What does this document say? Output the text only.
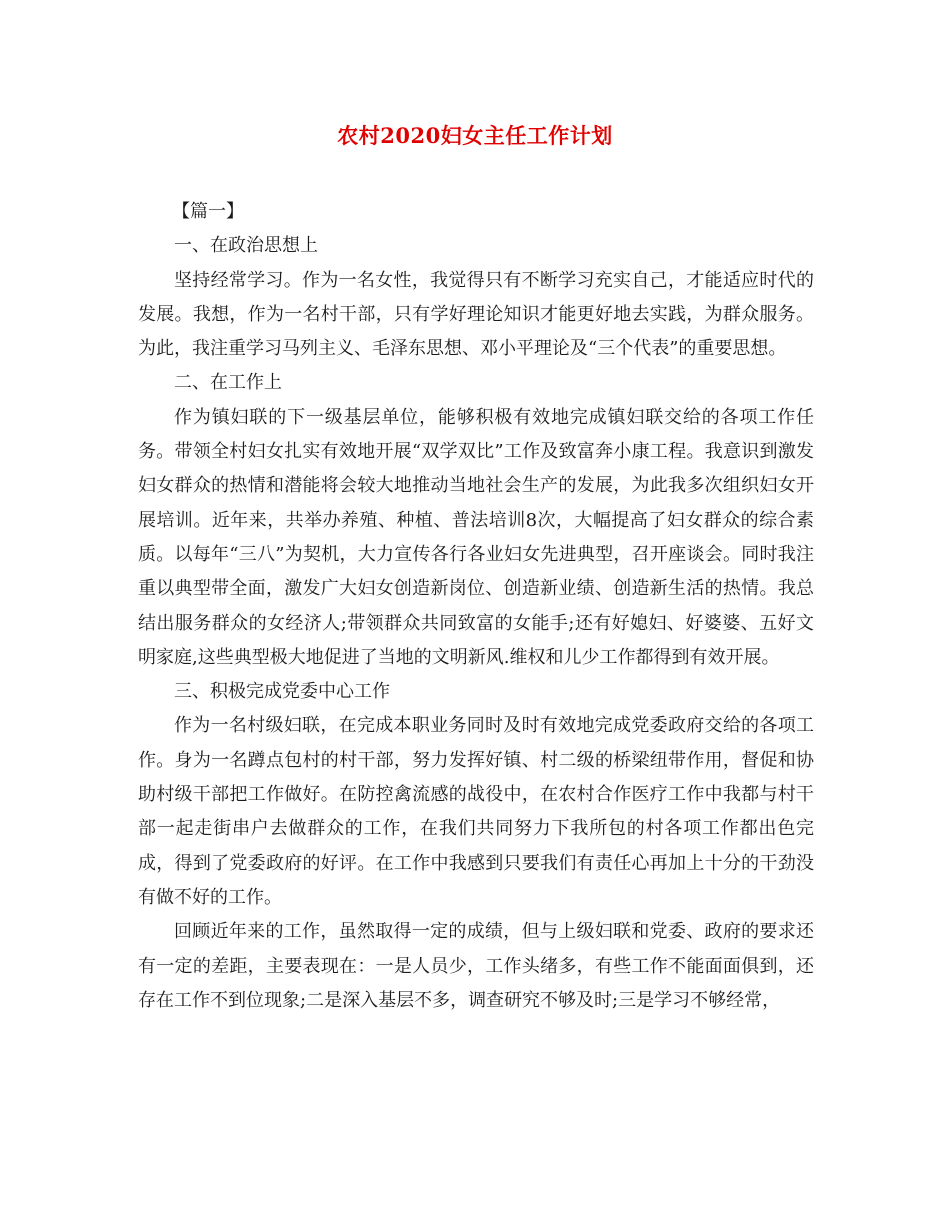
农村2020妇女主任工作计划

【篇一】

一、在政治思想上

坚持经常学习。作为一名女性，我觉得只有不断学习充实自己，才能适应时代的发展。我想，作为一名村干部，只有学好理论知识才能更好地去实践，为群众服务。为此，我注重学习马列主义、毛泽东思想、邓小平理论及“三个代表”的重要思想。

二、在工作上

作为镇妇联的下一级基层单位，能够积极有效地完成镇妇联交给的各项工作任务。带领全村妇女扎实有效地开展“双学双比”工作及致富奔小康工程。我意识到激发妇女群众的热情和潜能将会较大地推动当地社会生产的发展，为此我多次组织妇女开展培训。近年来，共举办养殖、种植、普法培训8次，大幅提高了妇女群众的综合素质。以每年“三八”为契机，大力宣传各行各业妇女先进典型，召开座谈会。同时我注重以典型带全面，激发广大妇女创造新岗位、创造新业绩、创造新生活的热情。我总结出服务群众的女经济人;带领群众共同致富的女能手;还有好媳妇、好婆婆、五好文明家庭,这些典型极大地促进了当地的文明新风.维权和儿少工作都得到有效开展。

三、积极完成党委中心工作

作为一名村级妇联，在完成本职业务同时及时有效地完成党委政府交给的各项工作。身为一名蹲点包村的村干部，努力发挥好镇、村二级的桥梁纽带作用，督促和协助村级干部把工作做好。在防控禽流感的战役中，在农村合作医疗工作中我都与村干部一起走街串户去做群众的工作，在我们共同努力下我所包的村各项工作都出色完成，得到了党委政府的好评。在工作中我感到只要我们有责任心再加上十分的干劲没有做不好的工作。

回顾近年来的工作，虽然取得一定的成绩，但与上级妇联和党委、政府的要求还有一定的差距，主要表现在：一是人员少，工作头绪多，有些工作不能面面俱到，还存在工作不到位现象;二是深入基层不多，调查研究不够及时;三是学习不够经常，
